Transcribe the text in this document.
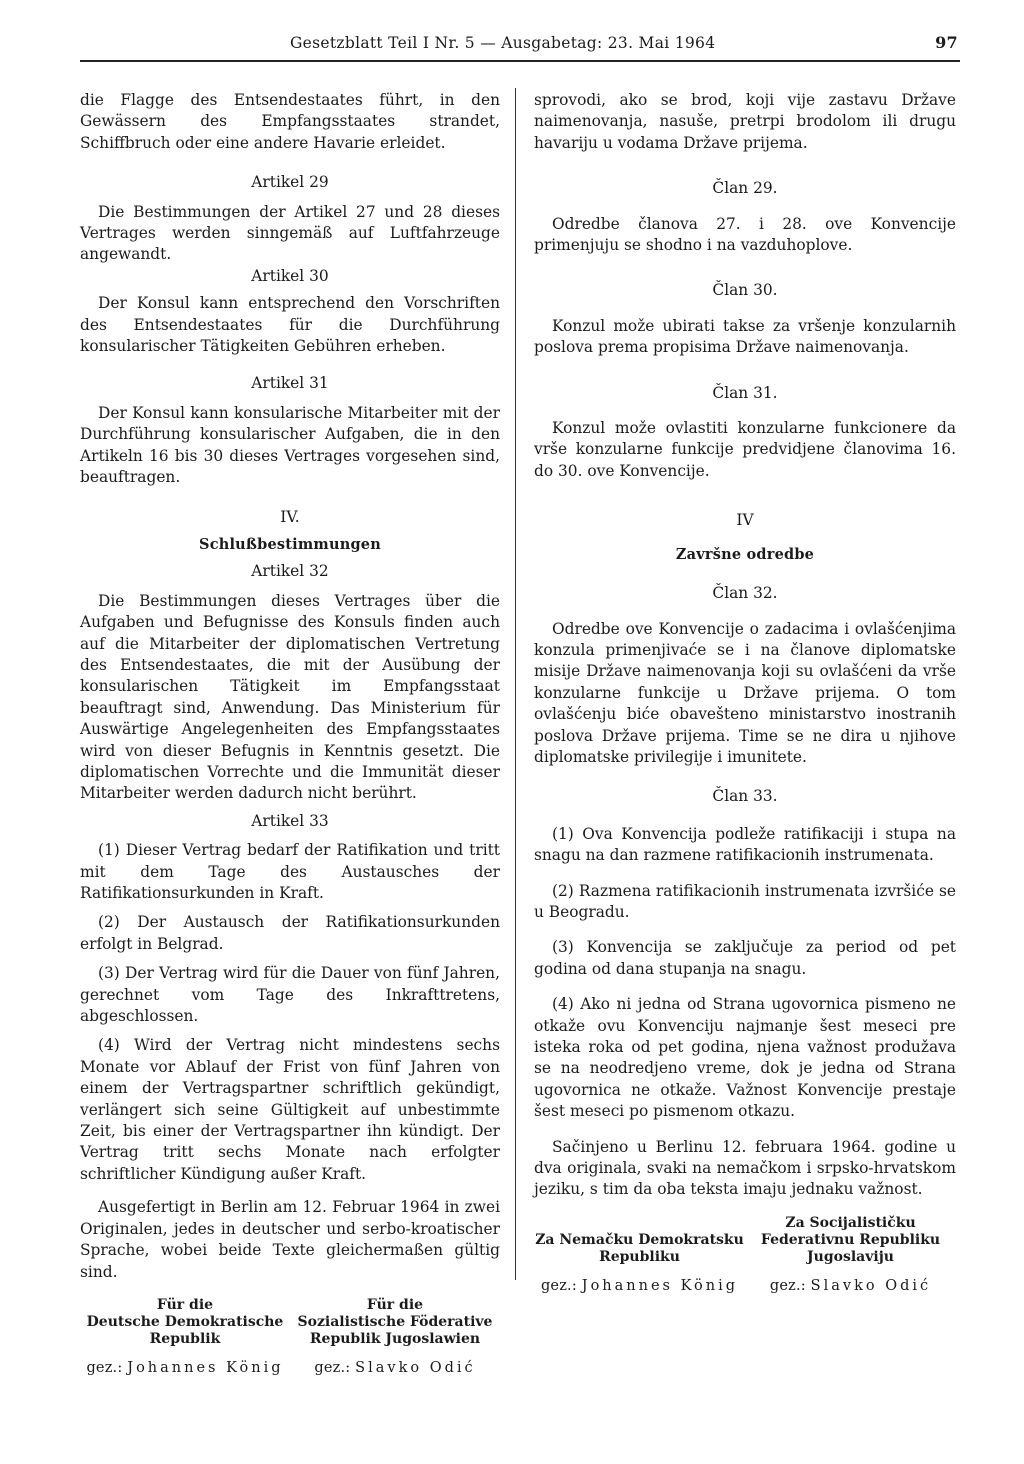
Gesetzblatt Teil I Nr. 5 — Ausgabetag: 23. Mai 1964	97

die Flagge des Entsendestaates führt, in den Gewässern des Empfangsstaates strandet, Schiffbruch oder eine andere Havarie erleidet.

Artikel 29

Die Bestimmungen der Artikel 27 und 28 dieses Vertrages werden sinngemäß auf Luftfahrzeuge angewandt.

Artikel 30

Der Konsul kann entsprechend den Vorschriften des Entsendestaates für die Durchführung konsularischer Tätigkeiten Gebühren erheben.

Artikel 31

Der Konsul kann konsularische Mitarbeiter mit der Durchführung konsularischer Aufgaben, die in den Artikeln 16 bis 30 dieses Vertrages vorgesehen sind, beauftragen.

IV.

Schlußbestimmungen

Artikel 32

Die Bestimmungen dieses Vertrages über die Aufgaben und Befugnisse des Konsuls finden auch auf die Mitarbeiter der diplomatischen Vertretung des Entsendestaates, die mit der Ausübung der konsularischen Tätigkeit im Empfangsstaat beauftragt sind, Anwendung. Das Ministerium für Auswärtige Angelegenheiten des Empfangsstaates wird von dieser Befugnis in Kenntnis gesetzt. Die diplomatischen Vorrechte und die Immunität dieser Mitarbeiter werden dadurch nicht berührt.

Artikel 33

(1) Dieser Vertrag bedarf der Ratifikation und tritt mit dem Tage des Austausches der Ratifikationsurkunden in Kraft.

(2) Der Austausch der Ratifikationsurkunden erfolgt in Belgrad.

(3) Der Vertrag wird für die Dauer von fünf Jahren, gerechnet vom Tage des Inkrafttretens, abgeschlossen.

(4) Wird der Vertrag nicht mindestens sechs Monate vor Ablauf der Frist von fünf Jahren von einem der Vertragspartner schriftlich gekündigt, verlängert sich seine Gültigkeit auf unbestimmte Zeit, bis einer der Vertragspartner ihn kündigt. Der Vertrag tritt sechs Monate nach erfolgter schriftlicher Kündigung außer Kraft.

Ausgefertigt in Berlin am 12. Februar 1964 in zwei Originalen, jedes in deutscher und serbo-kroatischer Sprache, wobei beide Texte gleichermaßen gültig sind.

Für die
Deutsche Demokratische
Republik

gez.: Johannes König

Für die
Sozialistische Föderative
Republik Jugoslawien

gez.: Slavko Odić

sprovodi, ako se brod, koji vije zastavu Države naimenovanja, nasuše, pretrpi brodolom ili drugu havariju u vodama Države prijema.

Član 29.

Odredbe članova 27. i 28. ove Konvencije primenjuju se shodno i na vazduhoplove.

Član 30.

Konzul može ubirati takse za vršenje konzularnih poslova prema propisima Države naimenovanja.

Član 31.

Konzul može ovlastiti konzularne funkcionere da vrše konzularne funkcije predvidjene članovima 16. do 30. ove Konvencije.

IV

Završne odredbe

Član 32.

Odredbe ove Konvencije o zadacima i ovlašćenjima konzula primenjivaće se i na članove diplomatske misije Države naimenovanja koji su ovlašćeni da vrše konzularne funkcije u Države prijema. O tom ovlašćenju biće obavešteno ministarstvo inostranih poslova Države prijema. Time se ne dira u njihove diplomatske privilegije i imunitete.

Član 33.

(1) Ova Konvencija podleže ratifikaciji i stupa na snagu na dan razmene ratifikacionih instrumenata.

(2) Razmena ratifikacionih instrumenata izvršiće se u Beogradu.

(3) Konvencija se zaključuje za period od pet godina od dana stupanja na snagu.

(4) Ako ni jedna od Strana ugovornica pismeno ne otkaže ovu Konvenciju najmanje šest meseci pre isteka roka od pet godina, njena važnost produžava se na neodredjeno vreme, dok je jedna od Strana ugovornica ne otkaže. Važnost Konvencije prestaje šest meseci po pismenom otkazu.

Sačinjeno u Berlinu 12. februara 1964. godine u dva originala, svaki na nemačkom i srpsko-hrvatskom jeziku, s tim da oba teksta imaju jednaku važnost.

Za Nemačku Demokratsku
Republiku

gez.: Johannes König

Za Socijalističku
Federativnu Republiku
Jugoslaviju

gez.: Slavko Odić
